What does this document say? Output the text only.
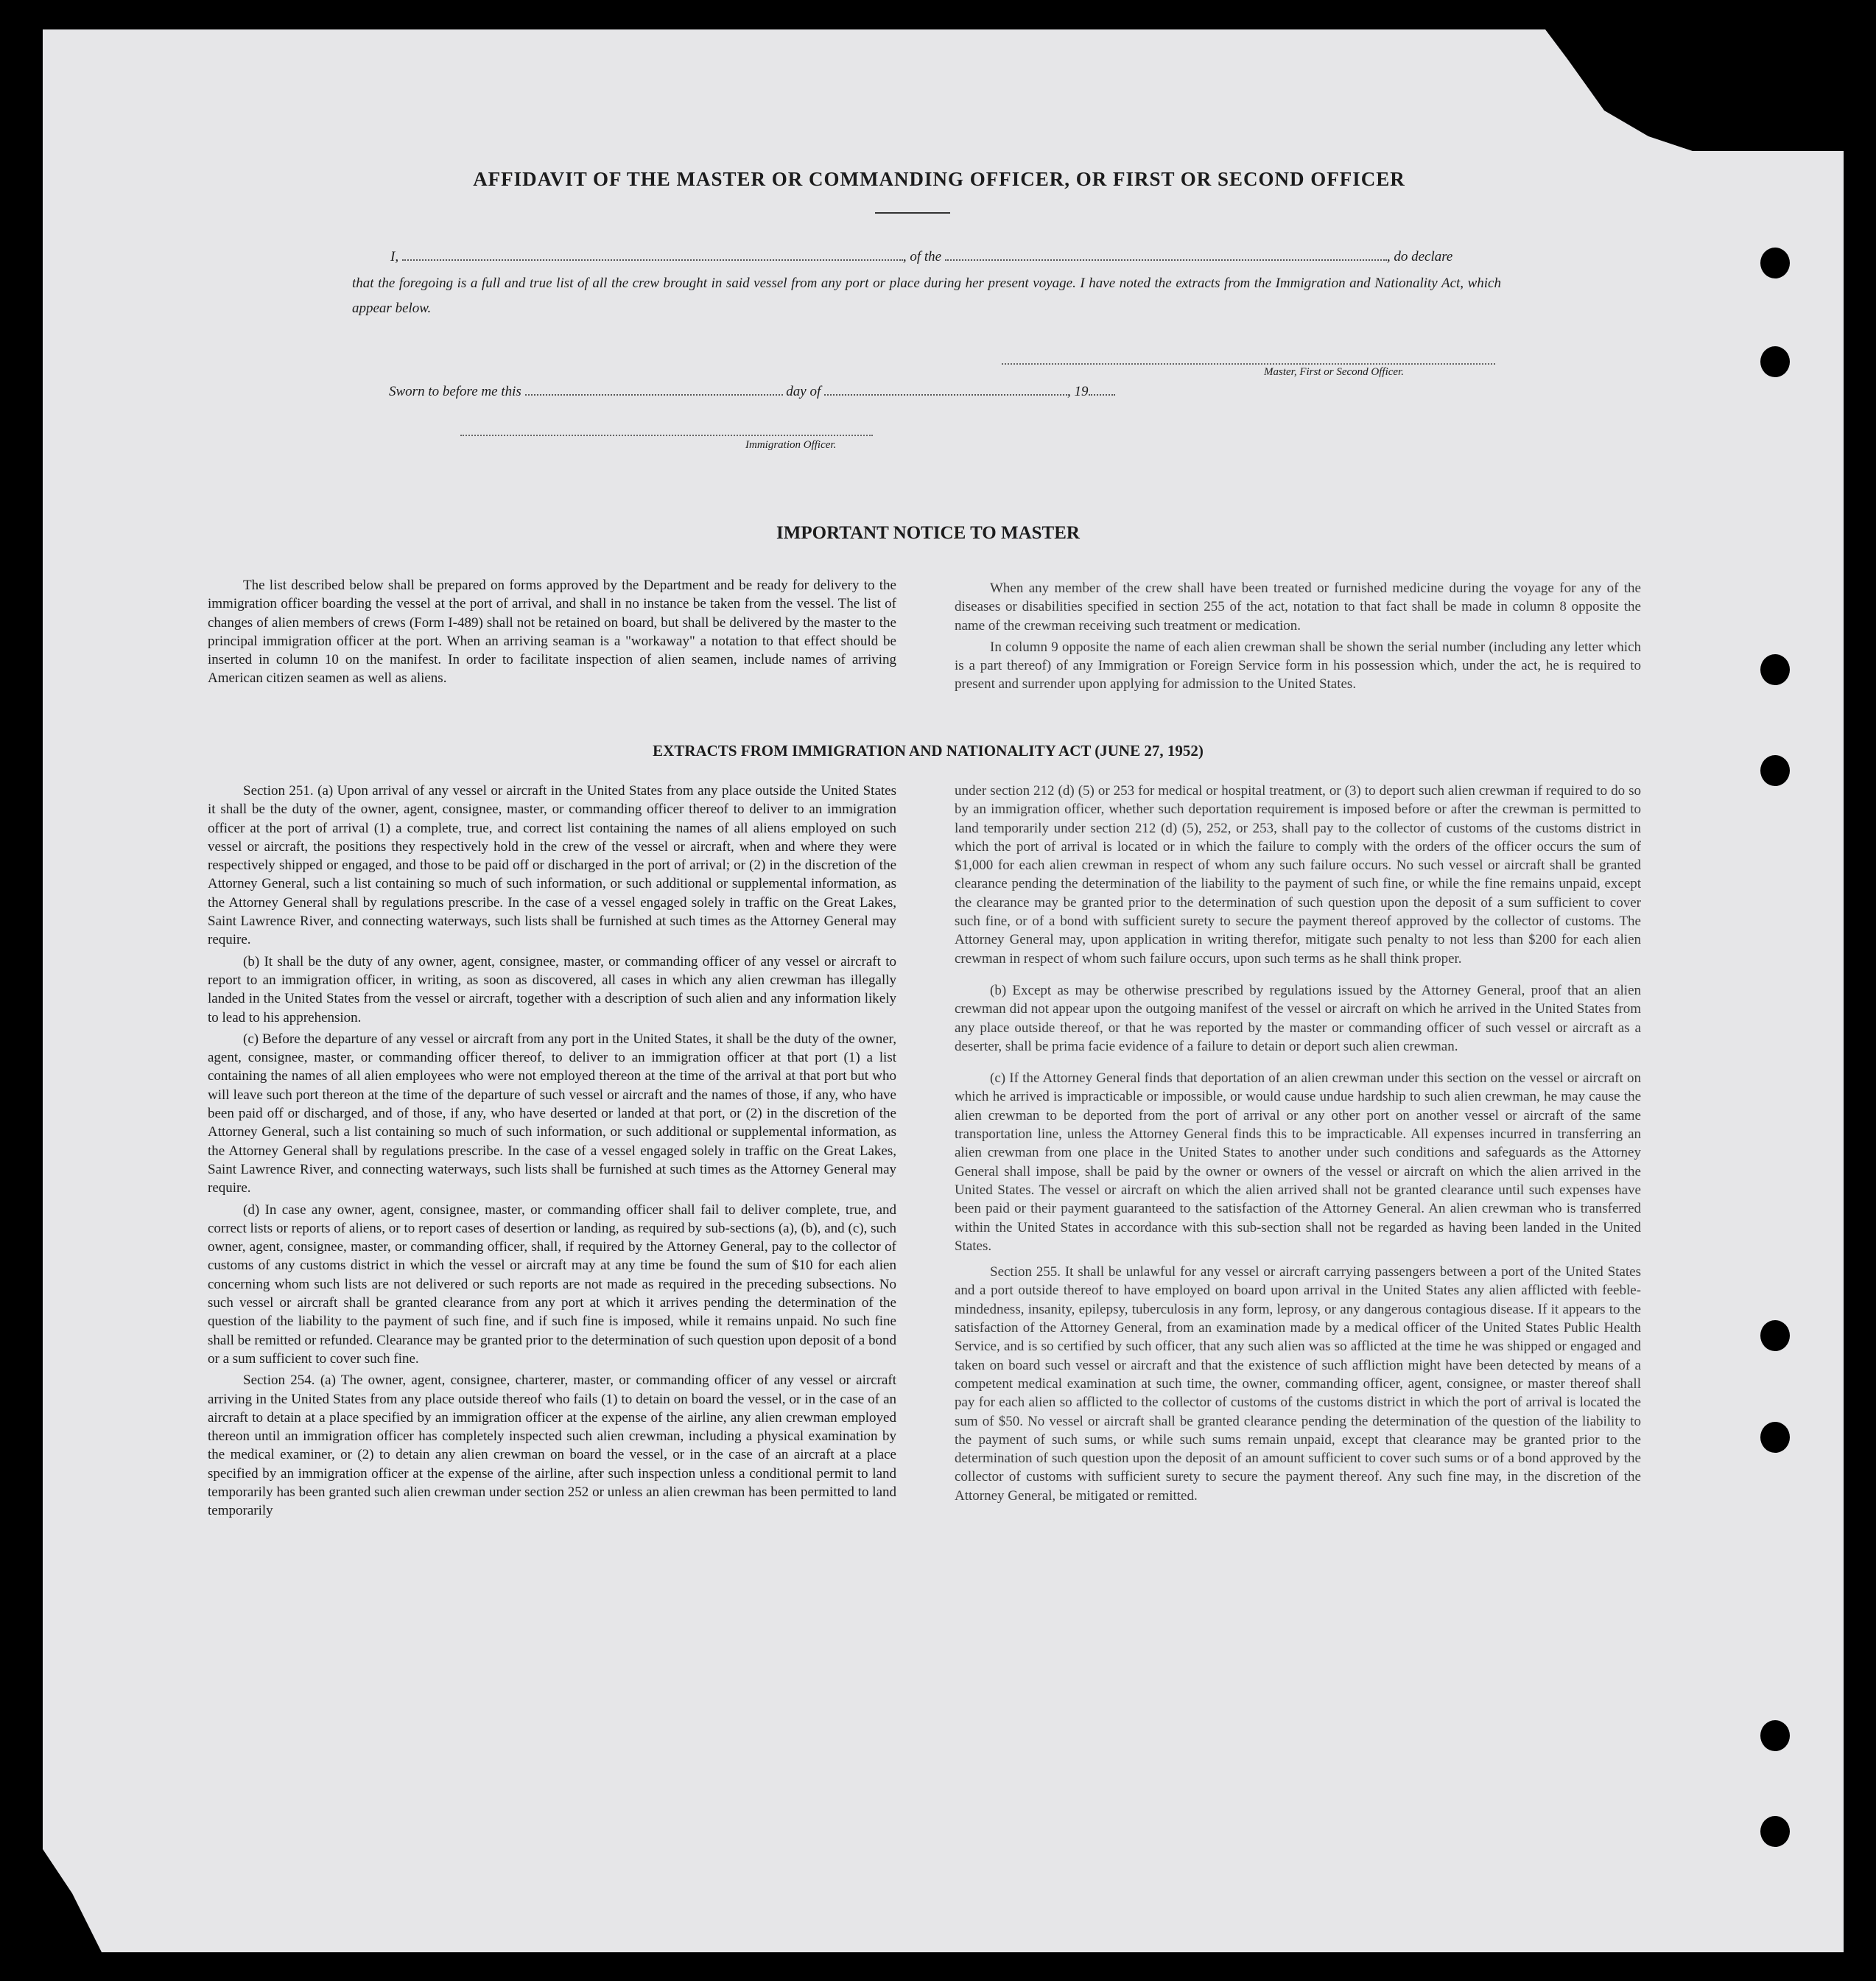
AFFIDAVIT OF THE MASTER OR COMMANDING OFFICER, OR FIRST OR SECOND OFFICER
I,	, of the	, do declare
that the foregoing is a full and true list of all the crew brought in said vessel from any port or place during her present voyage. I have noted the extracts from the Immigration and Nationality Act, which appear below.
Master, First or Second Officer.
Sworn to before me this	day of	, 19
Immigration Officer.
IMPORTANT NOTICE TO MASTER

The list described below shall be prepared on forms approved by the Department and be ready for delivery to the immigration officer boarding the vessel at the port of arrival, and shall in no instance be taken from the vessel. The list of changes of alien members of crews (Form I-489) shall not be retained on board, but shall be delivered by the master to the principal immigration officer at the port. When an arriving seaman is a "workaway" a notation to that effect should be inserted in column 10 on the manifest. In order to facilitate inspection of alien seamen, include names of arriving American citizen seamen as well as aliens.

When any member of the crew shall have been treated or furnished medicine during the voyage for any of the diseases or disabilities specified in section 255 of the act, notation to that fact shall be made in column 8 opposite the name of the crewman receiving such treatment or medication.

In column 9 opposite the name of each alien crewman shall be shown the serial number (including any letter which is a part thereof) of any Immigration or Foreign Service form in his possession which, under the act, he is required to present and surrender upon applying for admission to the United States.

EXTRACTS FROM IMMIGRATION AND NATIONALITY ACT (JUNE 27, 1952)

Section 251. (a) Upon arrival of any vessel or aircraft in the United States from any place outside the United States it shall be the duty of the owner, agent, consignee, master, or commanding officer thereof to deliver to an immigration officer at the port of arrival (1) a complete, true, and correct list containing the names of all aliens employed on such vessel or aircraft, the positions they respectively hold in the crew of the vessel or aircraft, when and where they were respectively shipped or engaged, and those to be paid off or discharged in the port of arrival; or (2) in the discretion of the Attorney General, such a list containing so much of such information, or such additional or supplemental information, as the Attorney General shall by regulations prescribe. In the case of a vessel engaged solely in traffic on the Great Lakes, Saint Lawrence River, and connecting waterways, such lists shall be furnished at such times as the Attorney General may require.

(b) It shall be the duty of any owner, agent, consignee, master, or commanding officer of any vessel or aircraft to report to an immigration officer, in writing, as soon as discovered, all cases in which any alien crewman has illegally landed in the United States from the vessel or aircraft, together with a description of such alien and any information likely to lead to his apprehension.

(c) Before the departure of any vessel or aircraft from any port in the United States, it shall be the duty of the owner, agent, consignee, master, or commanding officer thereof, to deliver to an immigration officer at that port (1) a list containing the names of all alien employees who were not employed thereon at the time of the arrival at that port but who will leave such port thereon at the time of the departure of such vessel or aircraft and the names of those, if any, who have been paid off or discharged, and of those, if any, who have deserted or landed at that port, or (2) in the discretion of the Attorney General, such a list containing so much of such information, or such additional or supplemental information, as the Attorney General shall by regulations prescribe. In the case of a vessel engaged solely in traffic on the Great Lakes, Saint Lawrence River, and connecting waterways, such lists shall be furnished at such times as the Attorney General may require.

(d) In case any owner, agent, consignee, master, or commanding officer shall fail to deliver complete, true, and correct lists or reports of aliens, or to report cases of desertion or landing, as required by sub-sections (a), (b), and (c), such owner, agent, consignee, master, or commanding officer, shall, if required by the Attorney General, pay to the collector of customs of any customs district in which the vessel or aircraft may at any time be found the sum of $10 for each alien concerning whom such lists are not delivered or such reports are not made as required in the preceding subsections. No such vessel or aircraft shall be granted clearance from any port at which it arrives pending the determination of the question of the liability to the payment of such fine, and if such fine is imposed, while it remains unpaid. No such fine shall be remitted or refunded. Clearance may be granted prior to the determination of such question upon deposit of a bond or a sum sufficient to cover such fine.

Section 254. (a) The owner, agent, consignee, charterer, master, or commanding officer of any vessel or aircraft arriving in the United States from any place outside thereof who fails (1) to detain on board the vessel, or in the case of an aircraft to detain at a place specified by an immigration officer at the expense of the airline, any alien crewman employed thereon until an immigration officer has completely inspected such alien crewman, including a physical examination by the medical examiner, or (2) to detain any alien crewman on board the vessel, or in the case of an aircraft at a place specified by an immigration officer at the expense of the airline, after such inspection unless a conditional permit to land temporarily has been granted such alien crewman under section 252 or unless an alien crewman has been permitted to land temporarily

under section 212 (d) (5) or 253 for medical or hospital treatment, or (3) to deport such alien crewman if required to do so by an immigration officer, whether such deportation requirement is imposed before or after the crewman is permitted to land temporarily under section 212 (d) (5), 252, or 253, shall pay to the collector of customs of the customs district in which the port of arrival is located or in which the failure to comply with the orders of the officer occurs the sum of $1,000 for each alien crewman in respect of whom any such failure occurs. No such vessel or aircraft shall be granted clearance pending the determination of the liability to the payment of such fine, or while the fine remains unpaid, except the clearance may be granted prior to the determination of such question upon the deposit of a sum sufficient to cover such fine, or of a bond with sufficient surety to secure the payment thereof approved by the collector of customs. The Attorney General may, upon application in writing therefor, mitigate such penalty to not less than $200 for each alien crewman in respect of whom such failure occurs, upon such terms as he shall think proper.

(b) Except as may be otherwise prescribed by regulations issued by the Attorney General, proof that an alien crewman did not appear upon the outgoing manifest of the vessel or aircraft on which he arrived in the United States from any place outside thereof, or that he was reported by the master or commanding officer of such vessel or aircraft as a deserter, shall be prima facie evidence of a failure to detain or deport such alien crewman.

(c) If the Attorney General finds that deportation of an alien crewman under this section on the vessel or aircraft on which he arrived is impracticable or impossible, or would cause undue hardship to such alien crewman, he may cause the alien crewman to be deported from the port of arrival or any other port on another vessel or aircraft of the same transportation line, unless the Attorney General finds this to be impracticable. All expenses incurred in transferring an alien crewman from one place in the United States to another under such conditions and safeguards as the Attorney General shall impose, shall be paid by the owner or owners of the vessel or aircraft on which the alien arrived in the United States. The vessel or aircraft on which the alien arrived shall not be granted clearance until such expenses have been paid or their payment guaranteed to the satisfaction of the Attorney General. An alien crewman who is transferred within the United States in accordance with this sub-section shall not be regarded as having been landed in the United States.

Section 255. It shall be unlawful for any vessel or aircraft carrying passengers between a port of the United States and a port outside thereof to have employed on board upon arrival in the United States any alien afflicted with feeble-mindedness, insanity, epilepsy, tuberculosis in any form, leprosy, or any dangerous contagious disease. If it appears to the satisfaction of the Attorney General, from an examination made by a medical officer of the United States Public Health Service, and is so certified by such officer, that any such alien was so afflicted at the time he was shipped or engaged and taken on board such vessel or aircraft and that the existence of such affliction might have been detected by means of a competent medical examination at such time, the owner, commanding officer, agent, consignee, or master thereof shall pay for each alien so afflicted to the collector of customs of the customs district in which the port of arrival is located the sum of $50. No vessel or aircraft shall be granted clearance pending the determination of the question of the liability to the payment of such sums, or while such sums remain unpaid, except that clearance may be granted prior to the determination of such question upon the deposit of an amount sufficient to cover such sums or of a bond approved by the collector of customs with sufficient surety to secure the payment thereof. Any such fine may, in the discretion of the Attorney General, be mitigated or remitted.
